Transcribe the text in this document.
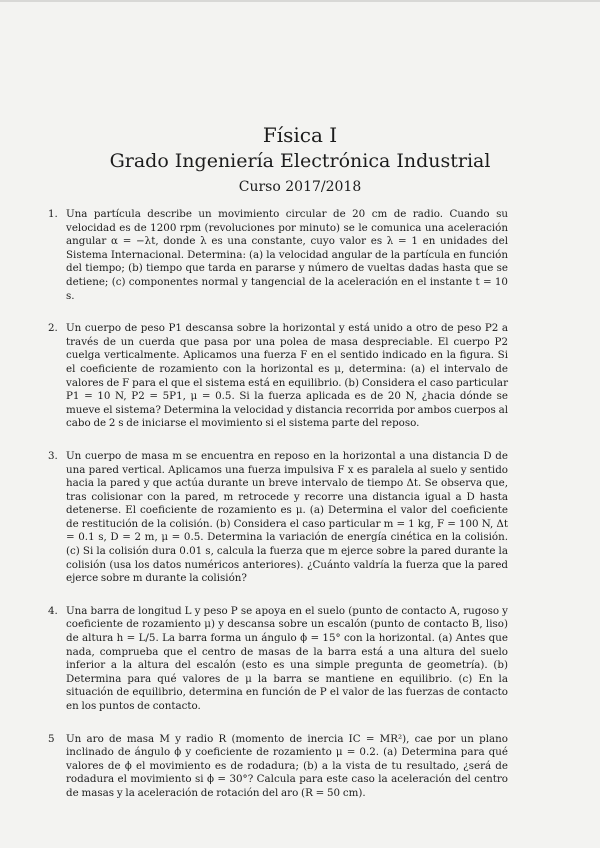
Física I
Grado Ingeniería Electrónica Industrial

Curso 2017/2018

1. Una partícula describe un movimiento circular de 20 cm de radio. Cuando su velocidad es de 1200 rpm (revoluciones por minuto) se le comunica una aceleración angular α = −λt, donde λ es una constante, cuyo valor es λ = 1 en unidades del Sistema Internacional. Determina: (a) la velocidad angular de la partícula en función del tiempo; (b) tiempo que tarda en pararse y número de vueltas dadas hasta que se detiene; (c) componentes normal y tangencial de la aceleración en el instante t = 10 s.
2. Un cuerpo de peso P1 descansa sobre la horizontal y está unido a otro de peso P2 a través de un cuerda que pasa por una polea de masa despreciable. El cuerpo P2 cuelga verticalmente. Aplicamos una fuerza F en el sentido indicado en la figura. Si el coeficiente de rozamiento con la horizontal es μ, determina: (a) el intervalo de valores de F para el que el sistema está en equilibrio. (b) Considera el caso particular P1 = 10 N, P2 = 5P1, μ = 0.5. Si la fuerza aplicada es de 20 N, ¿hacia dónde se mueve el sistema? Determina la velocidad y distancia recorrida por ambos cuerpos al cabo de 2 s de iniciarse el movimiento si el sistema parte del reposo.
3. Un cuerpo de masa m se encuentra en reposo en la horizontal a una distancia D de una pared vertical. Aplicamos una fuerza impulsiva F x es paralela al suelo y sentido hacia la pared y que actúa durante un breve intervalo de tiempo Δt. Se observa que, tras colisionar con la pared, m retrocede y recorre una distancia igual a D hasta detenerse. El coeficiente de rozamiento es μ. (a) Determina el valor del coeficiente de restitución de la colisión. (b) Considera el caso particular m = 1 kg, F = 100 N, Δt = 0.1 s, D = 2 m, μ = 0.5. Determina la variación de energía cinética en la colisión. (c) Si la colisión dura 0.01 s, calcula la fuerza que m ejerce sobre la pared durante la colisión (usa los datos numéricos anteriores). ¿Cuánto valdría la fuerza que la pared ejerce sobre m durante la colisión?
4. Una barra de longitud L y peso P se apoya en el suelo (punto de contacto A, rugoso y coeficiente de rozamiento μ) y descansa sobre un escalón (punto de contacto B, liso) de altura h = L/5. La barra forma un ángulo ϕ = 15° con la horizontal. (a) Antes que nada, comprueba que el centro de masas de la barra está a una altura del suelo inferior a la altura del escalón (esto es una simple pregunta de geometría). (b) Determina para qué valores de μ la barra se mantiene en equilibrio. (c) En la situación de equilibrio, determina en función de P el valor de las fuerzas de contacto en los puntos de contacto.
5 Un aro de masa M y radio R (momento de inercia IC = MR²), cae por un plano inclinado de ángulo ϕ y coeficiente de rozamiento μ = 0.2. (a) Determina para qué valores de ϕ el movimiento es de rodadura; (b) a la vista de tu resultado, ¿será de rodadura el movimiento si ϕ = 30°? Calcula para este caso la aceleración del centro de masas y la aceleración de rotación del aro (R = 50 cm).
